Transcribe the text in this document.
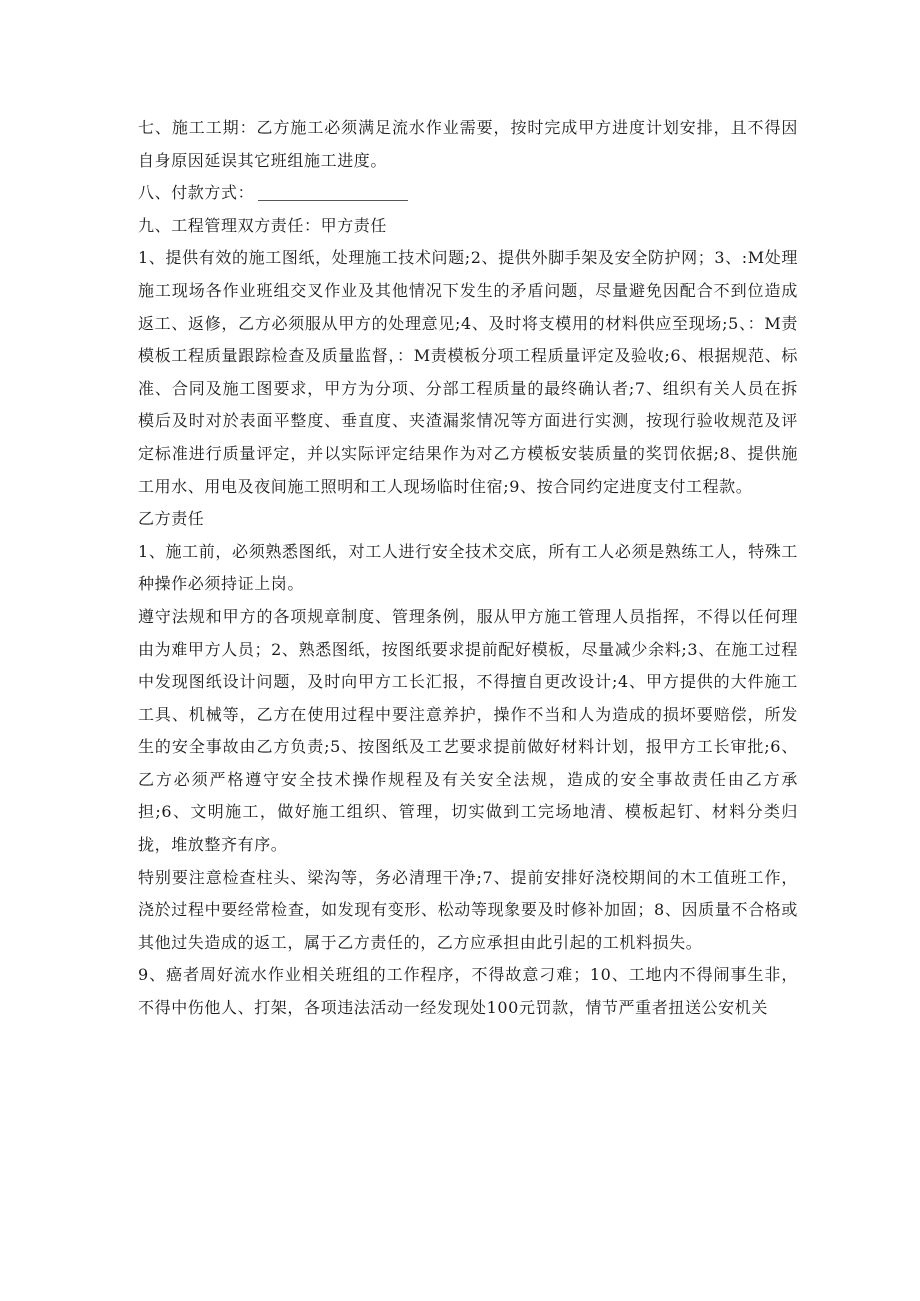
七、施工工期：乙方施工必须满足流水作业需要，按时完成甲方进度计划安排，且不得因自身原因延误其它班组施工进度。

八、付款方式：

九、工程管理双方责任：甲方责任

1、提供有效的施工图纸，处理施工技术问题;2、提供外脚手架及安全防护网；3、:M处理施工现场各作业班组交叉作业及其他情况下发生的矛盾问题，尽量避免因配合不到位造成返工、返修，乙方必须服从甲方的处理意见;4、及时将支模用的材料供应至现场;5、：M责模板工程质量跟踪检查及质量监督，：M责模板分项工程质量评定及验收;6、根据规范、标准、合同及施工图要求，甲方为分项、分部工程质量的最终确认者;7、组织有关人员在拆模后及时对於表面平整度、垂直度、夹渣漏浆情况等方面进行实测，按现行验收规范及评定标准进行质量评定，并以实际评定结果作为对乙方模板安装质量的奖罚依据;8、提供施工用水、用电及夜间施工照明和工人现场临时住宿;9、按合同约定进度支付工程款。

乙方责任

1、施工前，必须熟悉图纸，对工人进行安全技术交底，所有工人必须是熟练工人，特殊工种操作必须持证上岗。

遵守法规和甲方的各项规章制度、管理条例，服从甲方施工管理人员指挥，不得以任何理由为难甲方人员；2、熟悉图纸，按图纸要求提前配好模板，尽量减少余料;3、在施工过程中发现图纸设计问题，及时向甲方工长汇报，不得擅自更改设计;4、甲方提供的大件施工工具、机械等，乙方在使用过程中要注意养护，操作不当和人为造成的损坏要赔偿，所发生的安全事故由乙方负责;5、按图纸及工艺要求提前做好材料计划，报甲方工长审批;6、乙方必须严格遵守安全技术操作规程及有关安全法规，造成的安全事故责任由乙方承担;6、文明施工，做好施工组织、管理，切实做到工完场地清、模板起钉、材料分类归拢，堆放整齐有序。

特别要注意检查柱头、梁沟等，务必清理干净;7、提前安排好浇校期间的木工值班工作，浇於过程中要经常检查，如发现有变形、松动等现象要及时修补加固；8、因质量不合格或其他过失造成的返工，属于乙方责任的，乙方应承担由此引起的工机料损失。

9、癌者周好流水作业相关班组的工作程序，不得故意刁难；10、工地内不得闹事生非，不得中伤他人、打架，各项违法活动一经发现处100元罚款，情节严重者扭送公安机关
